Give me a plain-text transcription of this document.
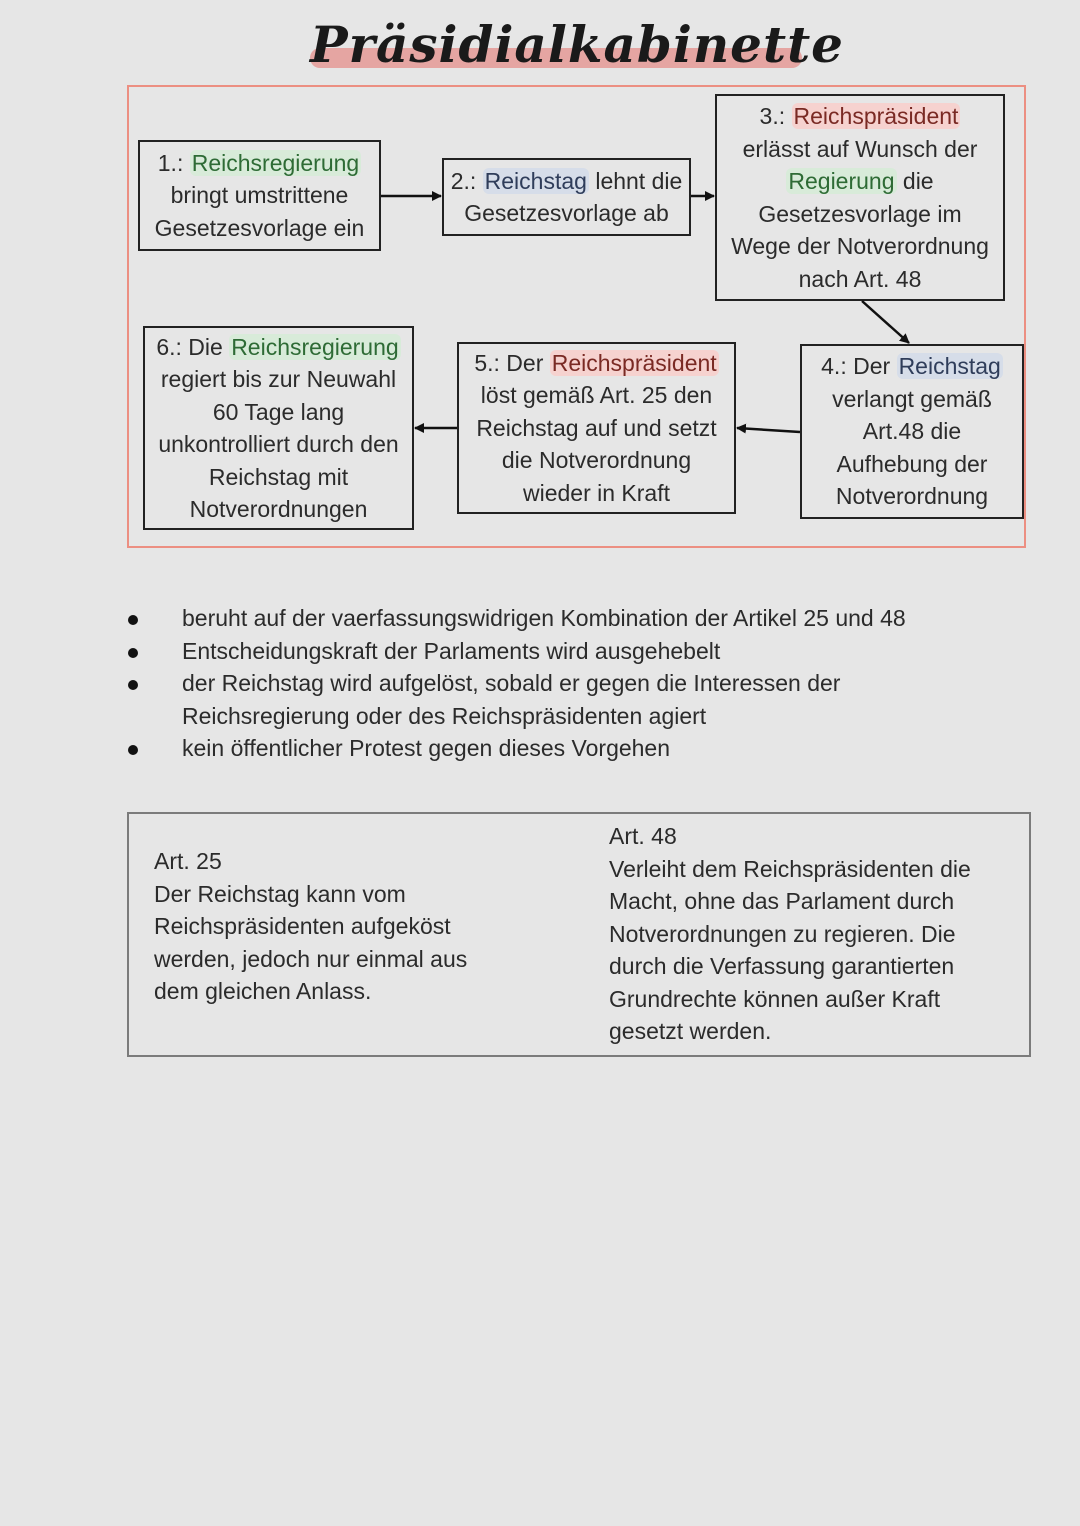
Präsidialkabinette
1.: Reichsregierung
bringt umstrittene
Gesetzesvorlage ein
2.: Reichstag lehnt die
Gesetzesvorlage ab
3.: Reichspräsident
erlässt auf Wunsch der
Regierung die
Gesetzesvorlage im
Wege der Notverordnung
nach Art. 48
4.: Der Reichstag
verlangt gemäß
Art.48 die
Aufhebung der
Notverordnung
5.: Der Reichspräsident
löst gemäß Art. 25 den
Reichstag auf und setzt
die Notverordnung
wieder in Kraft
6.: Die Reichsregierung
regiert bis zur Neuwahl
60 Tage lang
unkontrolliert durch den
Reichstag mit
Notverordnungen
beruht auf der vaerfassungswidrigen Kombination der Artikel 25 und 48
Entscheidungskraft der Parlaments wird ausgehebelt
der Reichstag wird aufgelöst, sobald er gegen die Interessen der
Reichsregierung oder des Reichspräsidenten agiert
kein öffentlicher Protest gegen dieses Vorgehen
Art. 25
Der Reichstag kann vom
Reichspräsidenten aufgeköst
werden, jedoch nur einmal aus
dem gleichen Anlass.
Art. 48
Verleiht dem Reichspräsidenten die
Macht, ohne das Parlament durch
Notverordnungen zu regieren. Die
durch die Verfassung garantierten
Grundrechte können außer Kraft
gesetzt werden.
